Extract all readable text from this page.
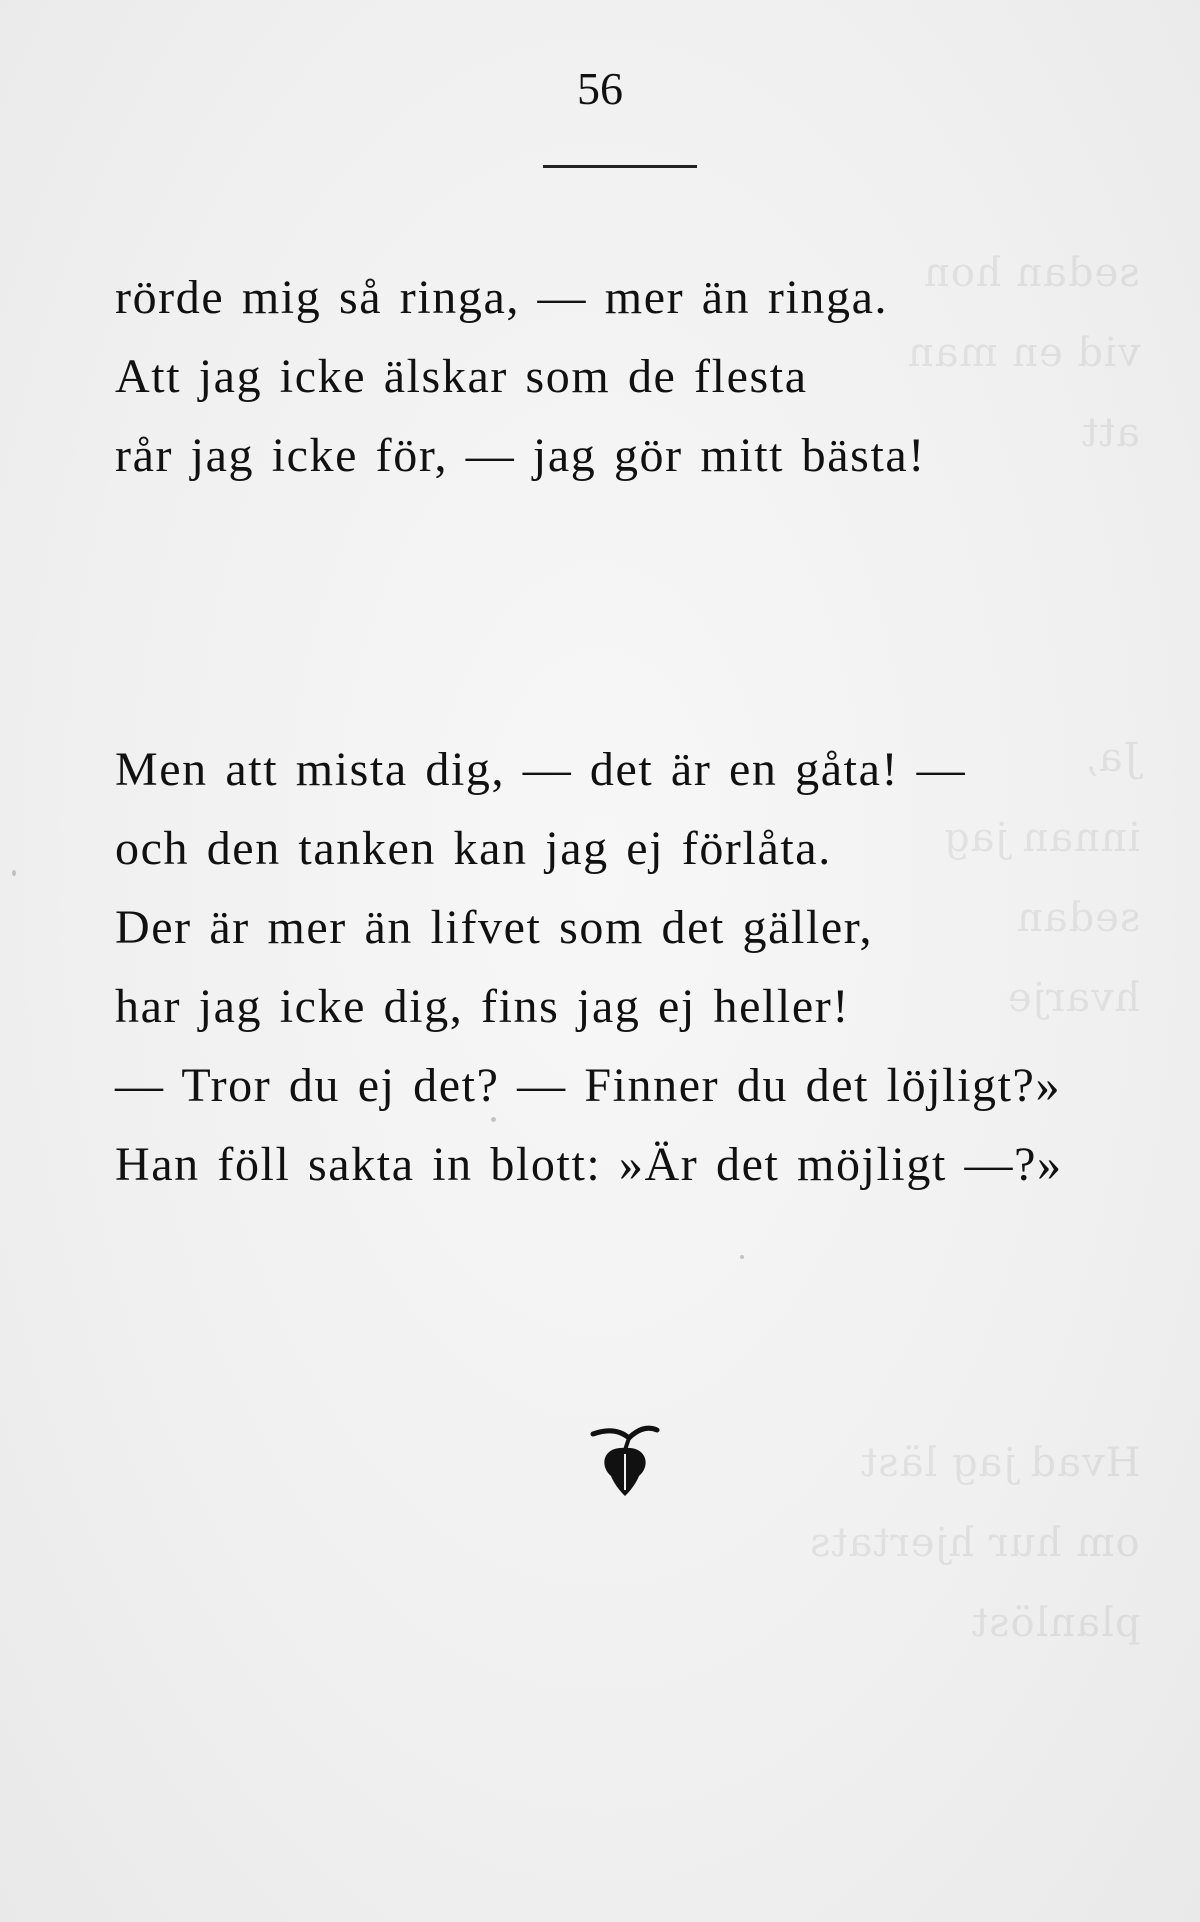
sedan hon
vid en man
att
Ja,
innan jag
sedan
hvarje
Hvad jag läst
om hur hjertats
planlöst
56
rörde mig så ringa, — mer än ringa.
Att jag icke älskar som de flesta
rår jag icke för, — jag gör mitt bästa!
Men att mista dig, — det är en gåta! —
och den tanken kan jag ej förlåta.
Der är mer än lifvet som det gäller,
har jag icke dig, fins jag ej heller!
— Tror du ej det? — Finner du det löjligt?»
Han föll sakta in blott: »Är det möjligt —?»
